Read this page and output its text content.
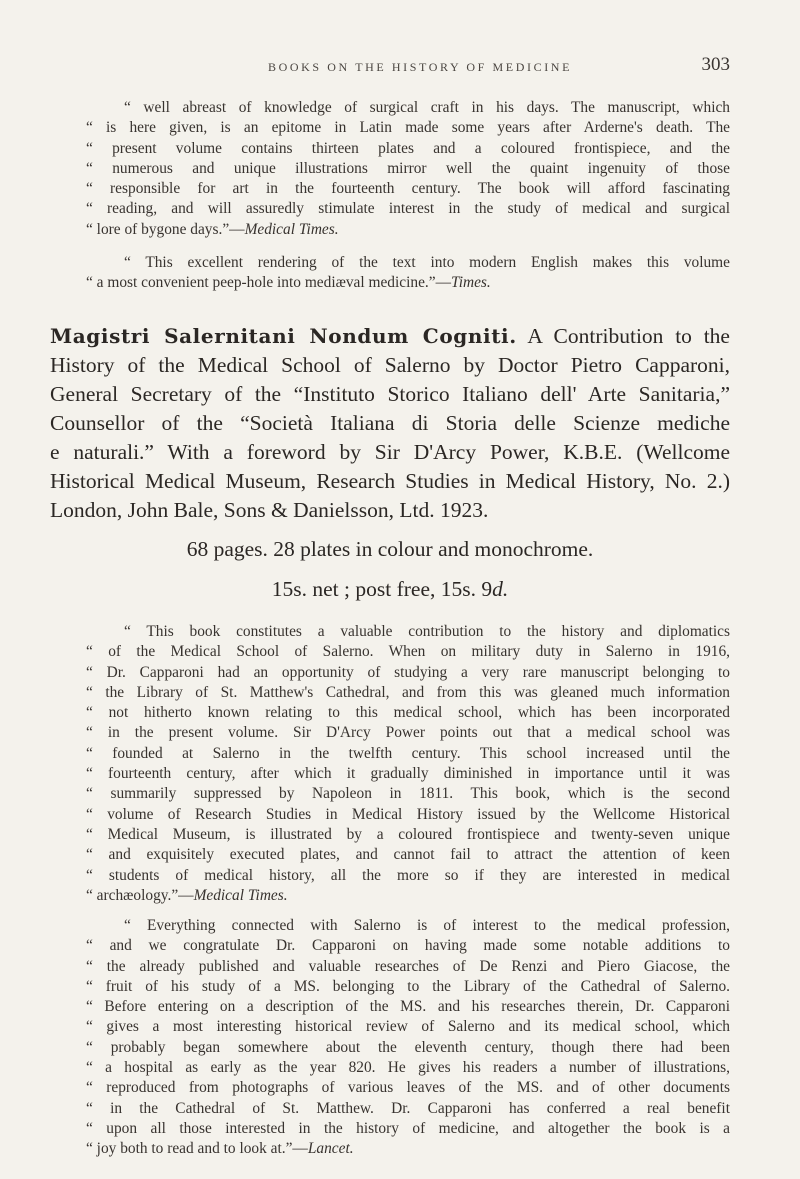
BOOKS ON THE HISTORY OF MEDICINE	303
“ well abreast of knowledge of surgical craft in his days. The manuscript, which
“ is here given, is an epitome in Latin made some years after Arderne's death. The
“ present volume contains thirteen plates and a coloured frontispiece, and the
“ numerous and unique illustrations mirror well the quaint ingenuity of those
“ responsible for art in the fourteenth century. The book will afford fascinating
“ reading, and will assuredly stimulate interest in the study of medical and surgical
“ lore of bygone days.”—Medical Times.
“ This excellent rendering of the text into modern English makes this volume
“ a most convenient peep-hole into mediæval medicine.”—Times.
Magistri Salernitani Nondum Cogniti. A Contribution to the
History of the Medical School of Salerno by Doctor Pietro Capparoni,
General Secretary of the “Instituto Storico Italiano dell' Arte Sanitaria,”
Counsellor of the “Società Italiana di Storia delle Scienze mediche
e naturali.” With a foreword by Sir D'Arcy Power, K.B.E. (Wellcome
Historical Medical Museum, Research Studies in Medical History, No. 2.)
London, John Bale, Sons & Danielsson, Ltd. 1923.
68 pages. 28 plates in colour and monochrome.
15s. net ; post free, 15s. 9d.
“ This book constitutes a valuable contribution to the history and diplomatics
“ of the Medical School of Salerno. When on military duty in Salerno in 1916,
“ Dr. Capparoni had an opportunity of studying a very rare manuscript belonging to
“ the Library of St. Matthew's Cathedral, and from this was gleaned much information
“ not hitherto known relating to this medical school, which has been incorporated
“ in the present volume. Sir D'Arcy Power points out that a medical school was
“ founded at Salerno in the twelfth century. This school increased until the
“ fourteenth century, after which it gradually diminished in importance until it was
“ summarily suppressed by Napoleon in 1811. This book, which is the second
“ volume of Research Studies in Medical History issued by the Wellcome Historical
“ Medical Museum, is illustrated by a coloured frontispiece and twenty-seven unique
“ and exquisitely executed plates, and cannot fail to attract the attention of keen
“ students of medical history, all the more so if they are interested in medical
“ archæology.”—Medical Times.
“ Everything connected with Salerno is of interest to the medical profession,
“ and we congratulate Dr. Capparoni on having made some notable additions to
“ the already published and valuable researches of De Renzi and Piero Giacose, the
“ fruit of his study of a MS. belonging to the Library of the Cathedral of Salerno.
“ Before entering on a description of the MS. and his researches therein, Dr. Capparoni
“ gives a most interesting historical review of Salerno and its medical school, which
“ probably began somewhere about the eleventh century, though there had been
“ a hospital as early as the year 820. He gives his readers a number of illustrations,
“ reproduced from photographs of various leaves of the MS. and of other documents
“ in the Cathedral of St. Matthew. Dr. Capparoni has conferred a real benefit
“ upon all those interested in the history of medicine, and altogether the book is a
“ joy both to read and to look at.”—Lancet.
